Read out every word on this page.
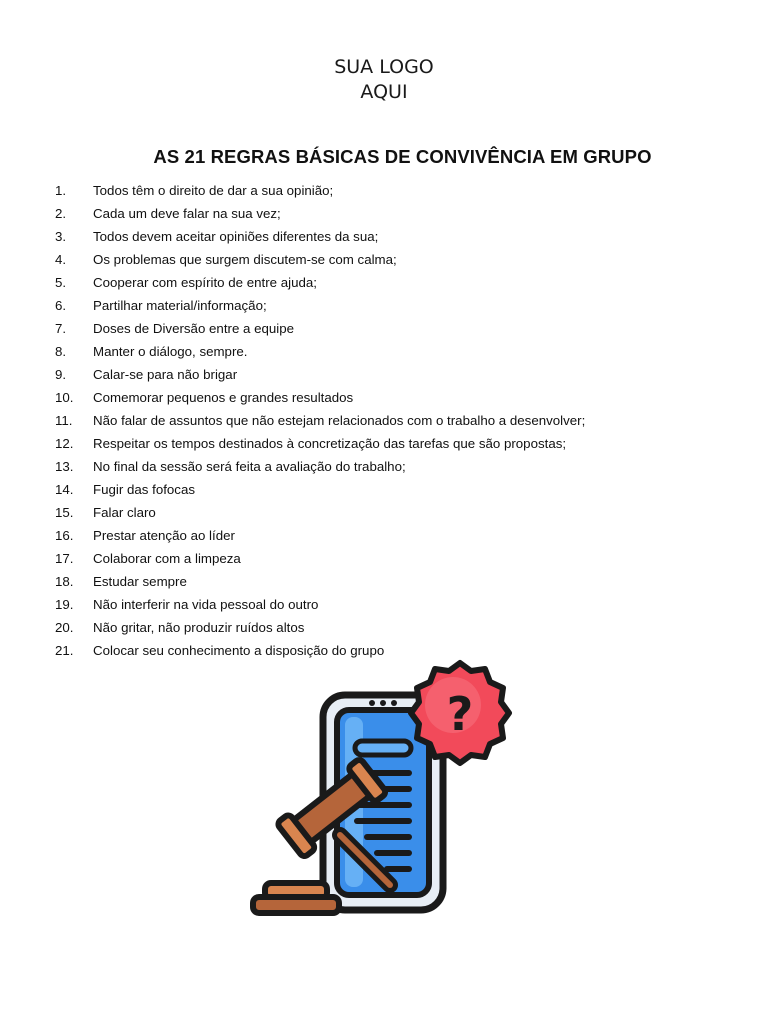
SUA LOGO
AQUI
AS 21 REGRAS BÁSICAS DE CONVIVÊNCIA EM GRUPO
1. Todos têm o direito de dar a sua opinião;
2. Cada um deve falar na sua vez;
3. Todos devem aceitar opiniões diferentes da sua;
4. Os problemas que surgem discutem-se com calma;
5. Cooperar com espírito de entre ajuda;
6. Partilhar material/informação;
7. Doses de Diversão entre a equipe
8. Manter o diálogo, sempre.
9. Calar-se para não brigar
10. Comemorar pequenos e grandes resultados
11. Não falar de assuntos que não estejam relacionados com o trabalho a desenvolver;
12. Respeitar os tempos destinados à concretização das tarefas que são propostas;
13. No final da sessão será feita a avaliação do trabalho;
14. Fugir das fofocas
15. Falar claro
16. Prestar atenção ao líder
17. Colaborar com a limpeza
18. Estudar sempre
19. Não interferir na vida pessoal do outro
20. Não gritar, não produzir ruídos altos
21. Colocar seu conhecimento a disposição do grupo
?
